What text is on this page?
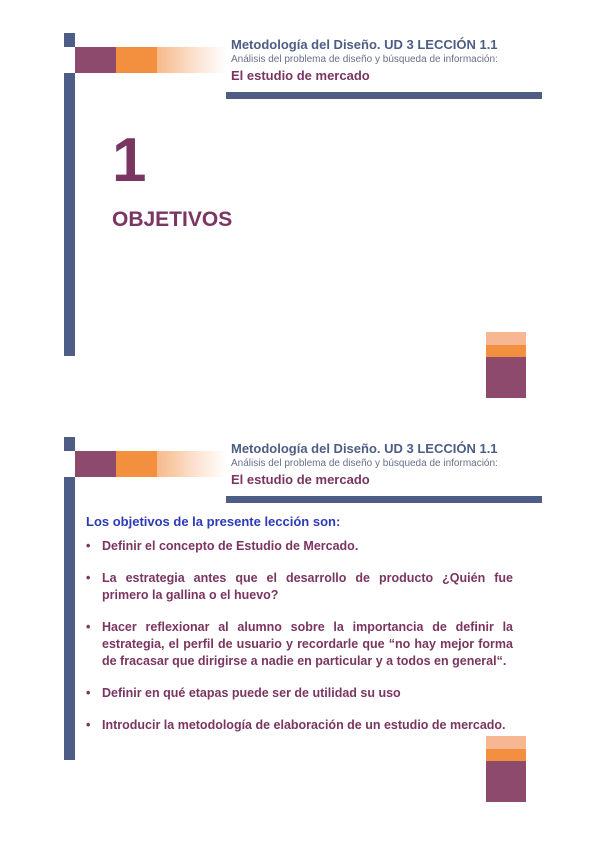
Metodología del Diseño. UD 3 LECCIÓN 1.1
Análisis del problema de diseño y búsqueda de información:
El estudio de mercado
1
OBJETIVOS
Metodología del Diseño. UD 3 LECCIÓN 1.1
Análisis del problema de diseño y búsqueda de información:
El estudio de mercado
Los objetivos de la presente lección son:
• Definir el concepto de Estudio de Mercado.
• La estrategia antes que el desarrollo de producto ¿Quién fue primero la gallina o el huevo?
• Hacer reflexionar al alumno sobre la importancia de definir la estrategia, el perfil de usuario y recordarle que “no hay mejor forma de fracasar que dirigirse a nadie en particular y a todos en general“.
• Definir en qué etapas puede ser de utilidad su uso
• Introducir la metodología de elaboración de un estudio de mercado.
